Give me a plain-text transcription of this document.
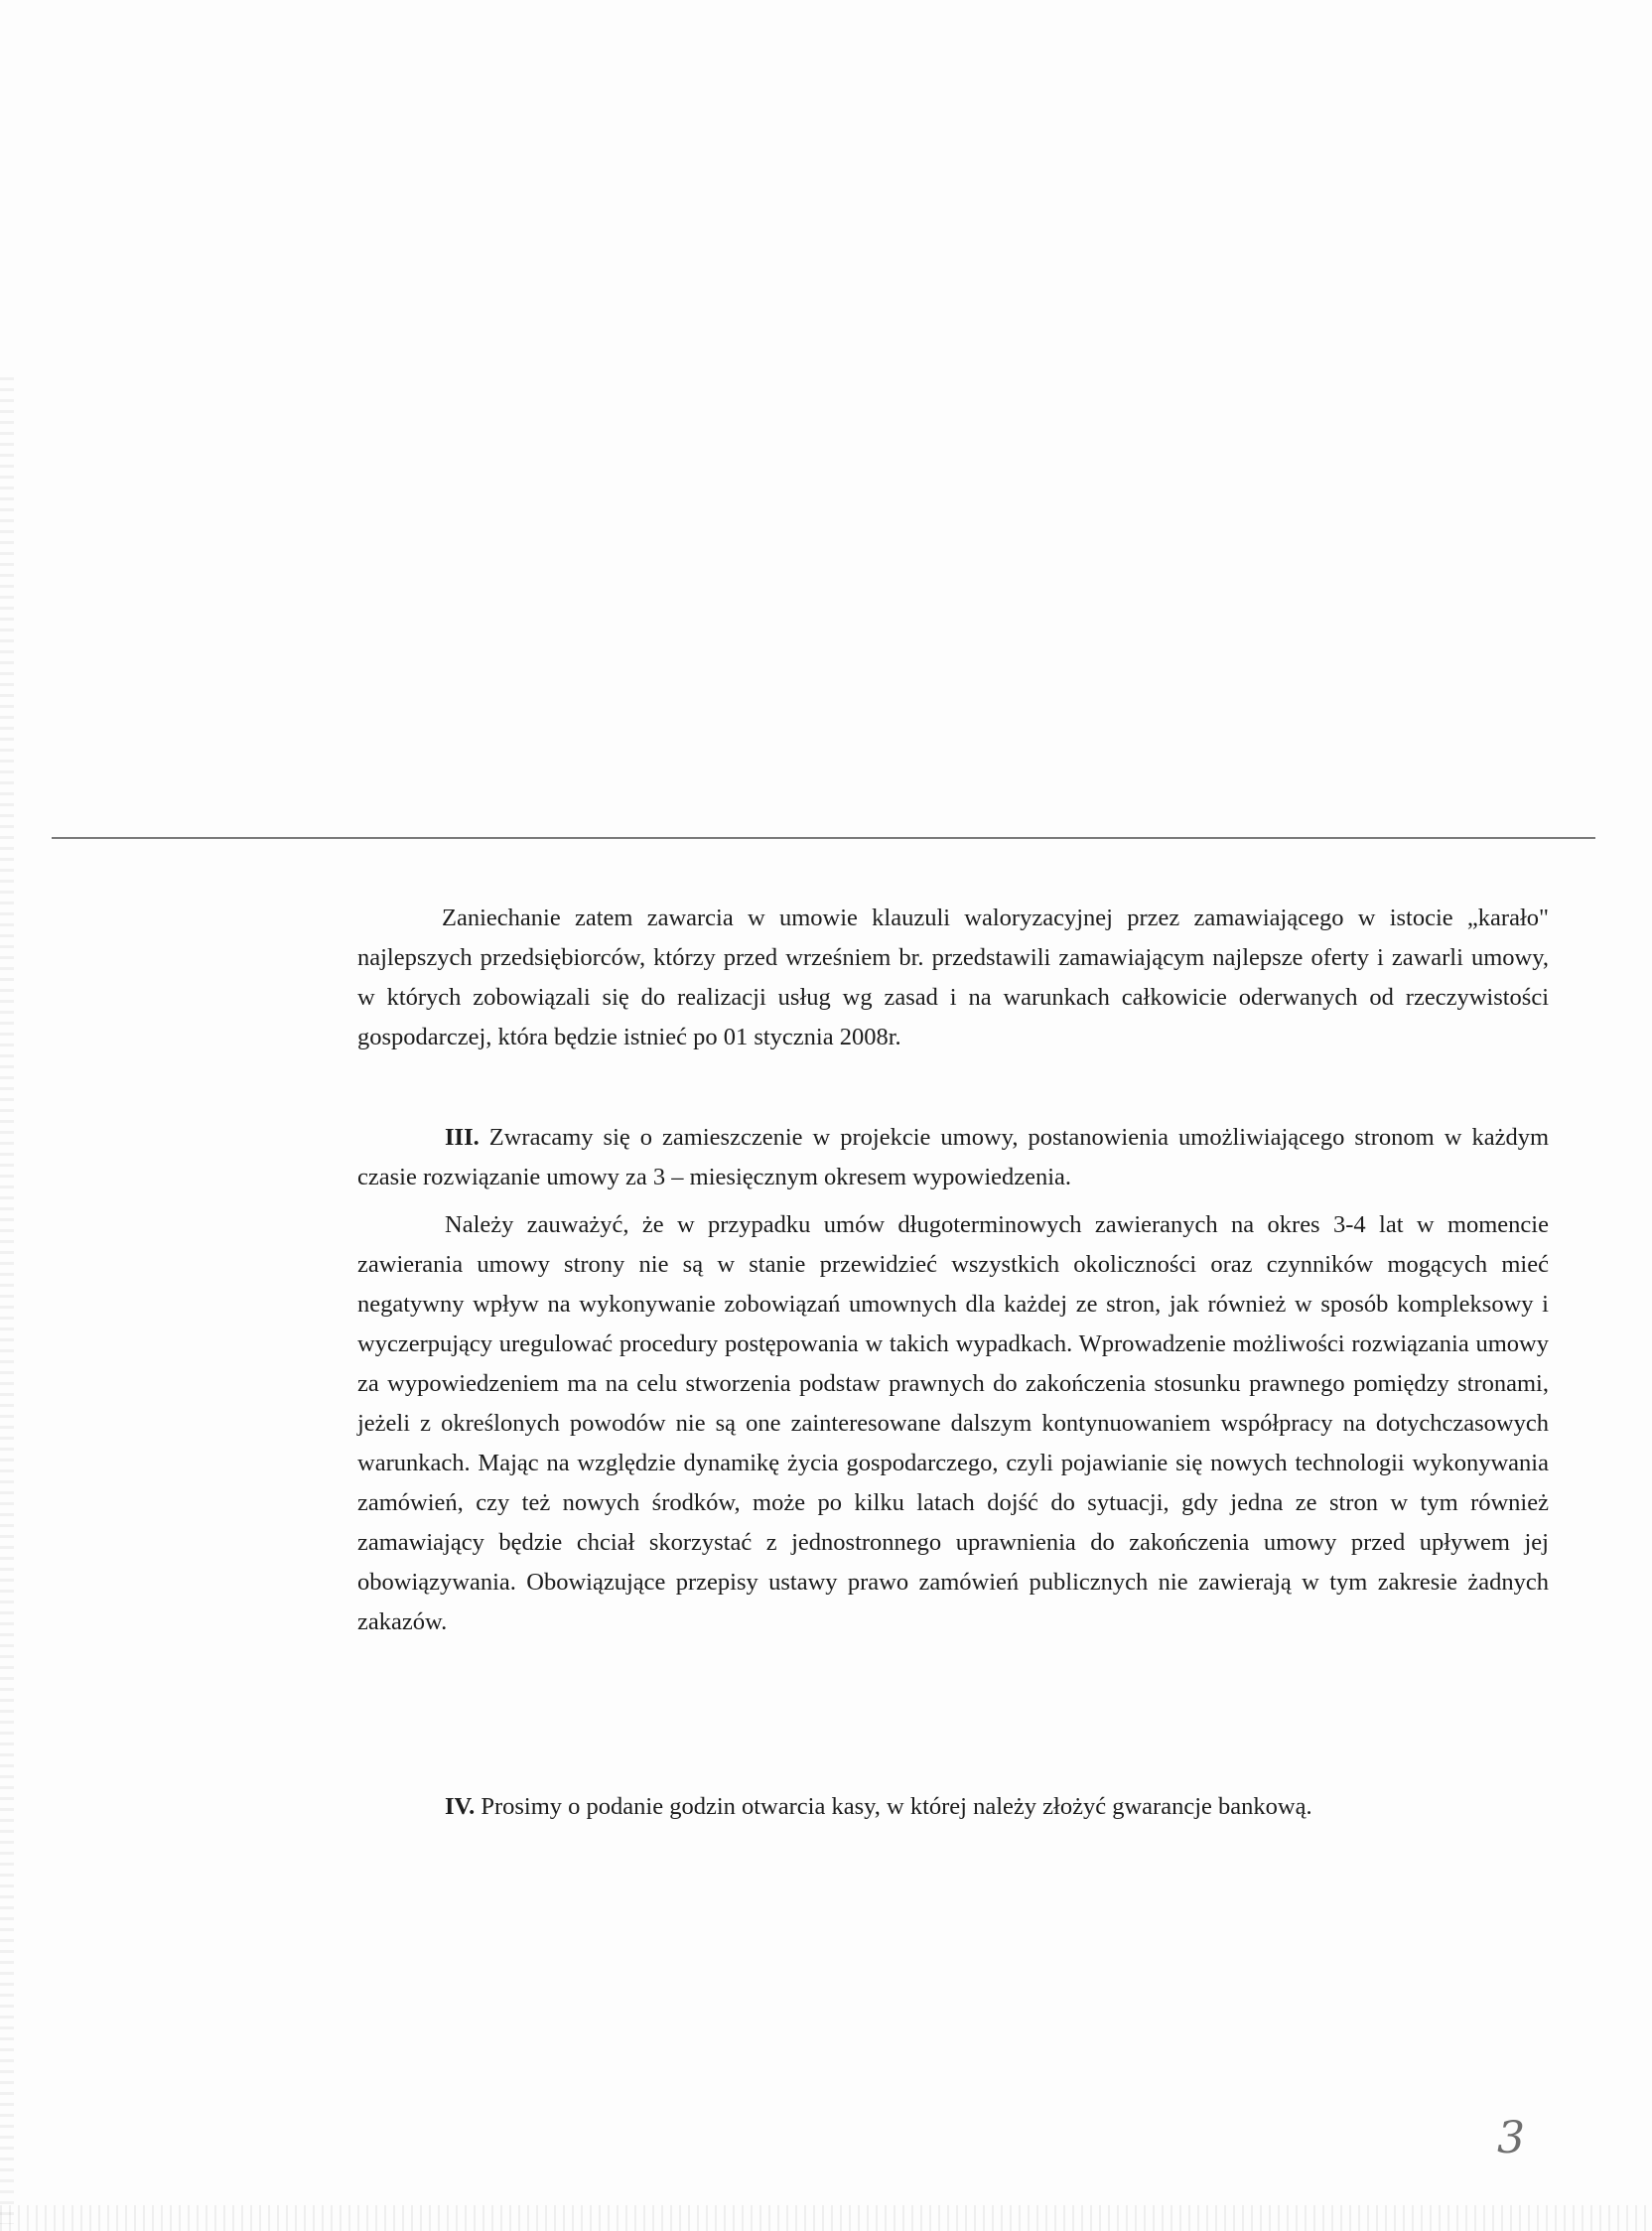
Zaniechanie zatem zawarcia w umowie klauzuli waloryzacyjnej przez zamawiającego w istocie „karało" najlepszych przedsiębiorców, którzy przed wrześniem br. przedstawili zamawiającym najlepsze oferty i zawarli umowy, w których zobowiązali się do realizacji usług wg zasad i na warunkach całkowicie oderwanych od rzeczywistości gospodarczej, która będzie istnieć po 01 stycznia 2008r.

III. Zwracamy się o zamieszczenie w projekcie umowy, postanowienia umożliwiającego stronom w każdym czasie rozwiązanie umowy za 3 – miesięcznym okresem wypowiedzenia.

Należy zauważyć, że w przypadku umów długoterminowych zawieranych na okres 3-4 lat w momencie zawierania umowy strony nie są w stanie przewidzieć wszystkich okoliczności oraz czynników mogących mieć negatywny wpływ na wykonywanie zobowiązań umownych dla każdej ze stron, jak również w sposób kompleksowy i wyczerpujący uregulować procedury postępowania w takich wypadkach. Wprowadzenie możliwości rozwiązania umowy za wypowiedzeniem ma na celu stworzenia podstaw prawnych do zakończenia stosunku prawnego pomiędzy stronami, jeżeli z określonych powodów nie są one zainteresowane dalszym kontynuowaniem współpracy na dotychczasowych warunkach. Mając na względzie dynamikę życia gospodarczego, czyli pojawianie się nowych technologii wykonywania zamówień, czy też nowych środków, może po kilku latach dojść do sytuacji, gdy jedna ze stron w tym również zamawiający będzie chciał skorzystać z jednostronnego uprawnienia do zakończenia umowy przed upływem jej obowiązywania. Obowiązujące przepisy ustawy prawo zamówień publicznych nie zawierają w tym zakresie żadnych zakazów.

IV. Prosimy o podanie godzin otwarcia kasy, w której należy złożyć gwarancje bankową.

3
